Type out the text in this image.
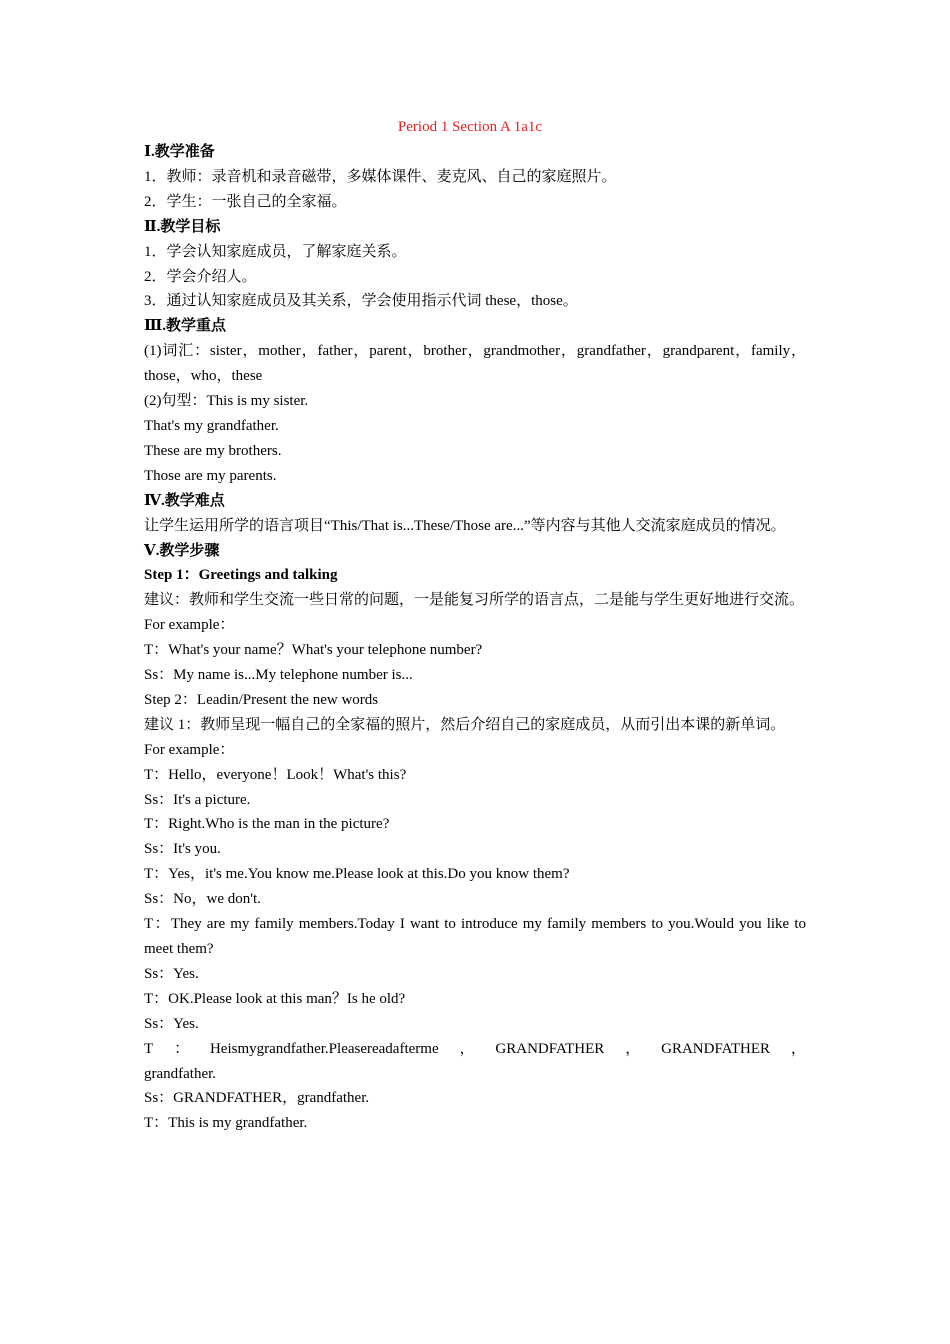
Period 1 Section A 1a1c
Ⅰ.教学准备
1．教师：录音机和录音磁带，多媒体课件、麦克风、自己的家庭照片。
2．学生：一张自己的全家福。
Ⅱ.教学目标
1．学会认知家庭成员，了解家庭关系。
2．学会介绍人。
3．通过认知家庭成员及其关系，学会使用指示代词 these，those。
Ⅲ.教学重点
(1)词汇：sister，mother，father，parent，brother，grandmother，grandfather，grandparent，family，those，who，these
(2)句型：This is my sister.
That's my grandfather.
These are my brothers.
Those are my parents.
Ⅳ.教学难点
让学生运用所学的语言项目“This/That is...These/Those are...”等内容与其他人交流家庭成员的情况。
Ⅴ.教学步骤
Step 1：Greetings and talking
建议：教师和学生交流一些日常的问题，一是能复习所学的语言点，二是能与学生更好地进行交流。
For example：
T：What's your name？What's your telephone number?
Ss：My name is...My telephone number is...
Step 2：Leadin/Present the new words
建议 1：教师呈现一幅自己的全家福的照片，然后介绍自己的家庭成员，从而引出本课的新单词。
For example：
T：Hello，everyone！Look！What's this?
Ss：It's a picture.
T：Right.Who is the man in the picture?
Ss：It's you.
T：Yes，it's me.You know me.Please look at this.Do you know them?
Ss：No，we don't.
T：They are my family members.Today I want to introduce my family members to you.Would you like to meet them?
Ss：Yes.
T：OK.Please look at this man？Is he old?
Ss：Yes.
T ： Heismygrandfather.Pleasereadafterme ， GRANDFATHER ， GRANDFATHER ，
grandfather.
Ss：GRANDFATHER，grandfather.
T：This is my grandfather.
